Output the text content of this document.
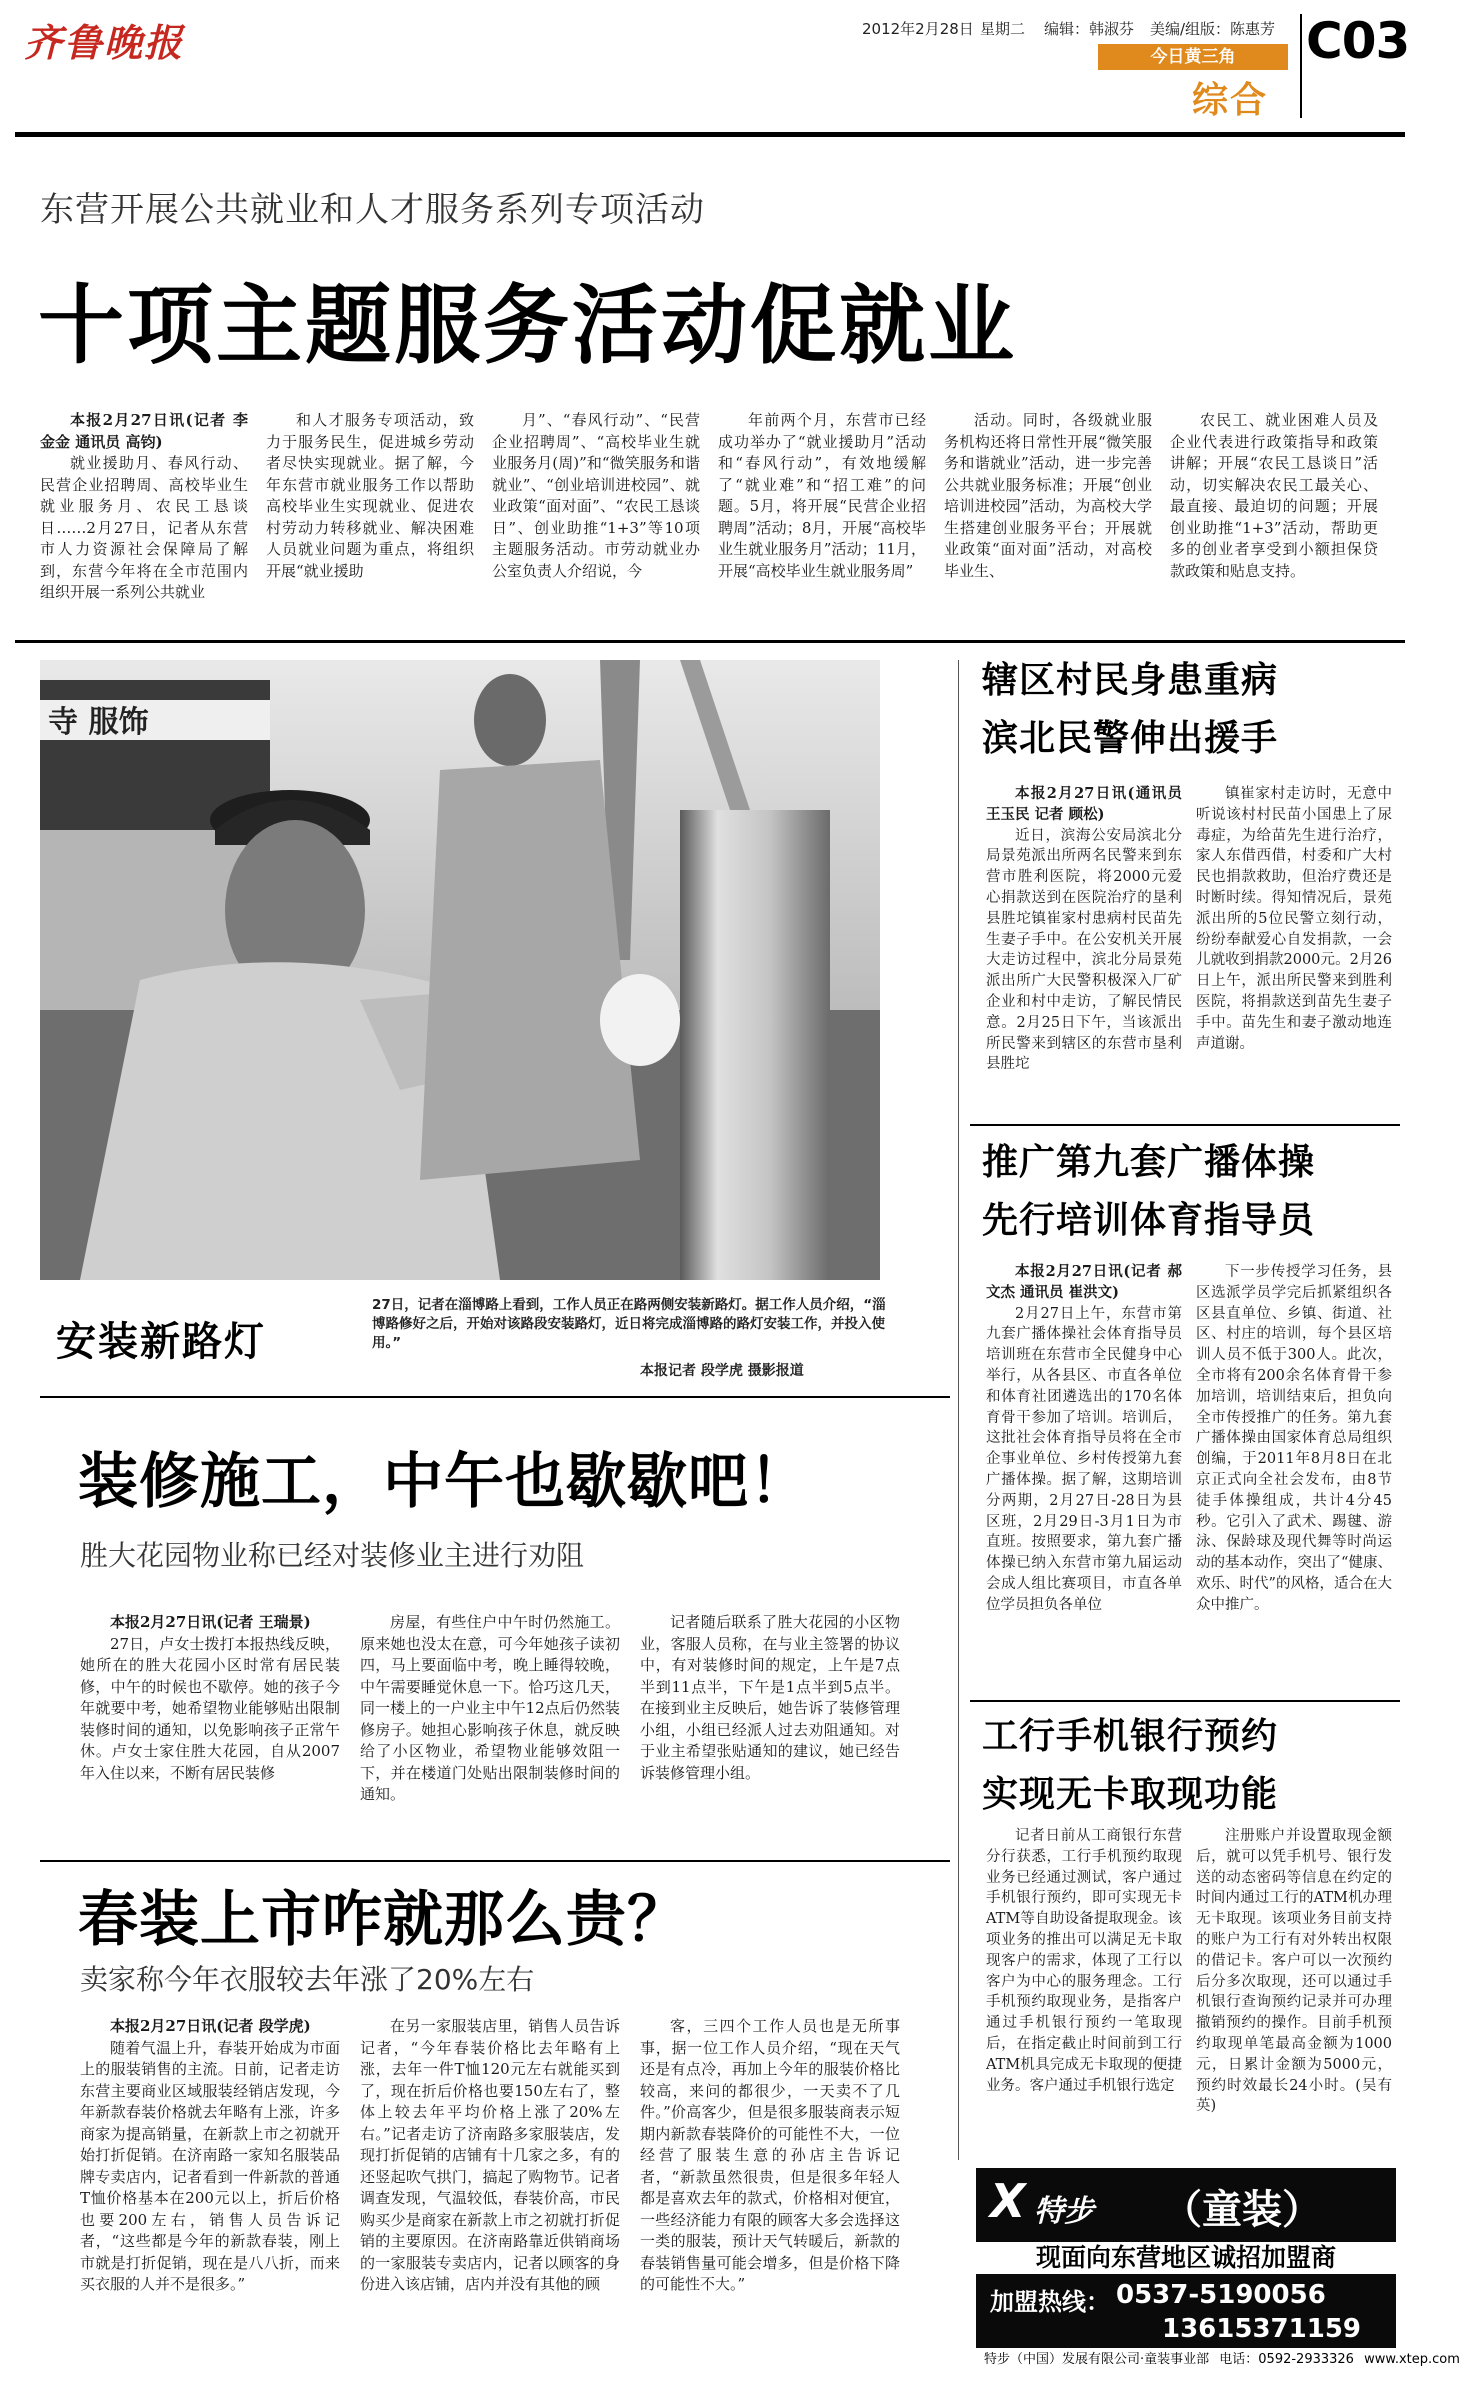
齐鲁晚报	2012年2月28日 星期二 编辑：韩淑芬 美编/组版：陈惠芳
今日黄三角
综合
C03
东营开展公共就业和人才服务系列专项活动
十项主题服务活动促就业

本报2月27日讯(记者 李金金 通讯员 高钧)

就业援助月、春风行动、民营企业招聘周、高校毕业生就业服务月、农民工恳谈日……2月27日，记者从东营市人力资源社会保障局了解到，东营今年将在全市范围内组织开展一系列公共就业

和人才服务专项活动，致力于服务民生，促进城乡劳动者尽快实现就业。据了解，今年东营市就业服务工作以帮助高校毕业生实现就业、促进农村劳动力转移就业、解决困难人员就业问题为重点，将组织开展“就业援助

月”、“春风行动”、“民营企业招聘周”、“高校毕业生就业服务月(周)”和“微笑服务和谐就业”、“创业培训进校园”、就业政策“面对面”、“农民工恳谈日”、创业助推“1+3”等10项主题服务活动。市劳动就业办公室负责人介绍说，今

年前两个月，东营市已经成功举办了“就业援助月”活动和“春风行动”，有效地缓解了“就业难”和“招工难”的问题。5月，将开展“民营企业招聘周”活动；8月，开展“高校毕业生就业服务月”活动；11月，开展“高校毕业生就业服务周”

活动。同时，各级就业服务机构还将日常性开展“微笑服务和谐就业”活动，进一步完善公共就业服务标准；开展“创业培训进校园”活动，为高校大学生搭建创业服务平台；开展就业政策“面对面”活动，对高校毕业生、

农民工、就业困难人员及企业代表进行政策指导和政策讲解；开展“农民工恳谈日”活动，切实解决农民工最关心、最直接、最迫切的问题；开展创业助推“1+3”活动，帮助更多的创业者享受到小额担保贷款政策和贴息支持。

寺 服饰
安装新路灯
27日，记者在淄博路上看到，工作人员正在路两侧安装新路灯。据工作人员介绍，“淄博路修好之后，开始对该路段安装路灯，近日将完成淄博路的路灯安装工作，并投入使用。”
本报记者 段学虎 摄影报道
装修施工，中午也歇歇吧！
胜大花园物业称已经对装修业主进行劝阻

本报2月27日讯(记者 王瑞景)

27日，卢女士拨打本报热线反映，她所在的胜大花园小区时常有居民装修，中午的时候也不歇停。她的孩子今年就要中考，她希望物业能够贴出限制装修时间的通知，以免影响孩子正常午休。卢女士家住胜大花园，自从2007年入住以来，不断有居民装修

房屋，有些住户中午时仍然施工。原来她也没太在意，可今年她孩子读初四，马上要面临中考，晚上睡得较晚，中午需要睡觉休息一下。恰巧这几天，同一楼上的一户业主中午12点后仍然装修房子。她担心影响孩子休息，就反映给了小区物业，希望物业能够效阻一下，并在楼道门处贴出限制装修时间的通知。

记者随后联系了胜大花园的小区物业，客服人员称，在与业主签署的协议中，有对装修时间的规定，上午是7点半到11点半，下午是1点半到5点半。在接到业主反映后，她告诉了装修管理小组，小组已经派人过去劝阻通知。对于业主希望张贴通知的建议，她已经告诉装修管理小组。

春装上市咋就那么贵？
卖家称今年衣服较去年涨了20%左右

本报2月27日讯(记者 段学虎)

随着气温上升，春装开始成为市面上的服装销售的主流。日前，记者走访东营主要商业区域服装经销店发现，今年新款春装价格就去年略有上涨，许多商家为提高销量，在新款上市之初就开始打折促销。在济南路一家知名服装品牌专卖店内，记者看到一件新款的普通T恤价格基本在200元以上，折后价格也要200左右，销售人员告诉记者，“这些都是今年的新款春装，刚上市就是打折促销，现在是八八折，而来买衣服的人并不是很多。”

在另一家服装店里，销售人员告诉记者，“今年春装价格比去年略有上涨，去年一件T恤120元左右就能买到了，现在折后价格也要150左右了，整体上较去年平均价格上涨了20%左右。”记者走访了济南路多家服装店，发现打折促销的店铺有十几家之多，有的还竖起吹气拱门，搞起了购物节。记者调查发现，气温较低，春装价高，市民购买少是商家在新款上市之初就打折促销的主要原因。在济南路靠近供销商场的一家服装专卖店内，记者以顾客的身份进入该店铺，店内并没有其他的顾

客，三四个工作人员也是无所事事，据一位工作人员介绍，“现在天气还是有点冷，再加上今年的服装价格比较高，来问的都很少，一天卖不了几件。”价高客少，但是很多服装商表示短期内新款春装降价的可能性不大，一位经营了服装生意的孙店主告诉记者，“新款虽然很贵，但是很多年轻人都是喜欢去年的款式，价格相对便宜，一些经济能力有限的顾客大多会选择这一类的服装，预计天气转暖后，新款的春装销售量可能会增多，但是价格下降的可能性不大。”

辖区村民身患重病
滨北民警伸出援手

本报2月27日讯(通讯员 王玉民 记者 顾松)

近日，滨海公安局滨北分局景苑派出所两名民警来到东营市胜利医院，将2000元爱心捐款送到在医院治疗的垦利县胜坨镇崔家村患病村民苗先生妻子手中。在公安机关开展大走访过程中，滨北分局景苑派出所广大民警积极深入厂矿企业和村中走访，了解民情民意。2月25日下午，当该派出所民警来到辖区的东营市垦利县胜坨

镇崔家村走访时，无意中听说该村村民苗小国患上了尿毒症，为给苗先生进行治疗，家人东借西借，村委和广大村民也捐款救助，但治疗费还是时断时续。得知情况后，景苑派出所的5位民警立刻行动，纷纷奉献爱心自发捐款，一会儿就收到捐款2000元。2月26日上午，派出所民警来到胜利医院，将捐款送到苗先生妻子手中。苗先生和妻子激动地连声道谢。

推广第九套广播体操
先行培训体育指导员

本报2月27日讯(记者 郝文杰 通讯员 崔洪文)

2月27日上午，东营市第九套广播体操社会体育指导员培训班在东营市全民健身中心举行，从各县区、市直各单位和体育社团遴选出的170名体育骨干参加了培训。培训后，这批社会体育指导员将在全市企事业单位、乡村传授第九套广播体操。据了解，这期培训分两期，2月27日-28日为县区班，2月29日-3月1日为市直班。按照要求，第九套广播体操已纳入东营市第九届运动会成人组比赛项目，市直各单位学员担负各单位

下一步传授学习任务，县区选派学员学完后抓紧组织各区县直单位、乡镇、街道、社区、村庄的培训，每个县区培训人员不低于300人。此次，全市将有200余名体育骨干参加培训，培训结束后，担负向全市传授推广的任务。第九套广播体操由国家体育总局组织创编，于2011年8月8日在北京正式向全社会发布，由8节徒手体操组成，共计4分45秒。它引入了武术、踢毽、游泳、保龄球及现代舞等时尚运动的基本动作，突出了“健康、欢乐、时代”的风格，适合在大众中推广。

工行手机银行预约
实现无卡取现功能

记者日前从工商银行东营分行获悉，工行手机预约取现业务已经通过测试，客户通过手机银行预约，即可实现无卡ATM等自助设备提取现金。该项业务的推出可以满足无卡取现客户的需求，体现了工行以客户为中心的服务理念。工行手机预约取现业务，是指客户通过手机银行预约一笔取现后，在指定截止时间前到工行ATM机具完成无卡取现的便捷业务。客户通过手机银行选定

注册账户并设置取现金额后，就可以凭手机号、银行发送的动态密码等信息在约定的时间内通过工行的ATM机办理无卡取现。该项业务目前支持的账户为工行有对外转出权限的借记卡。客户可以一次预约后分多次取现，还可以通过手机银行查询预约记录并可办理撤销预约的操作。目前手机预约取现单笔最高金额为1000元，日累计金额为5000元，预约时效最长24小时。(吴有英)

X 特步 （童装）
现面向东营地区诚招加盟商
加盟热线： 0537-5190056
13615371159
特步（中国）发展有限公司·童装事业部 电话：0592-2933326 www.xtep.com
